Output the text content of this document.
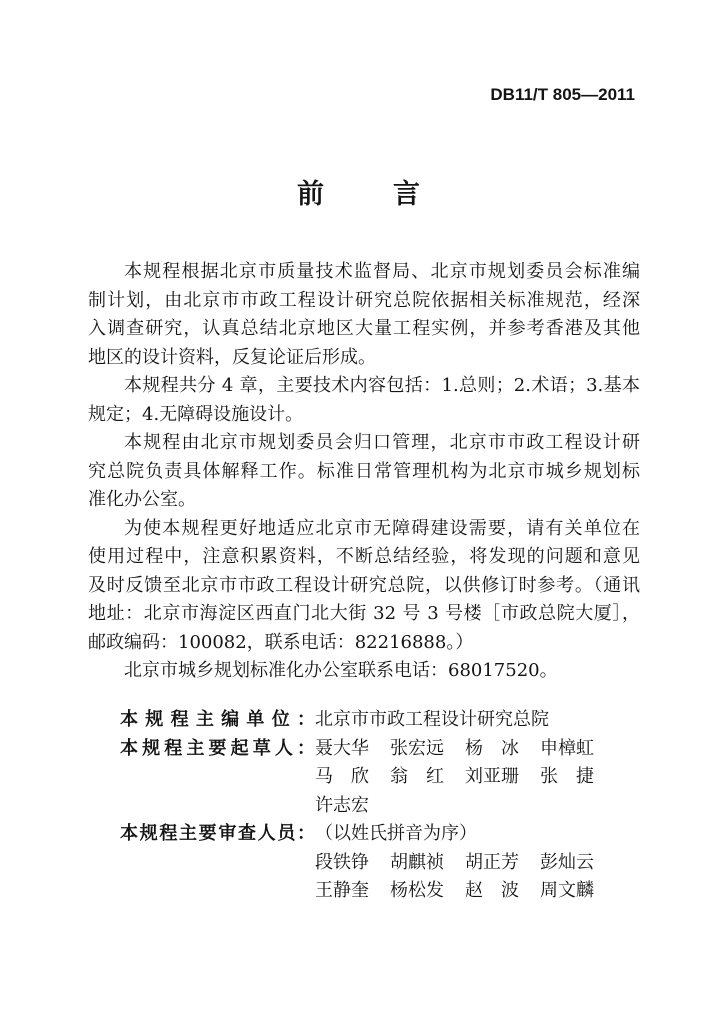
DB11/T 805—2011
前言
本规程根据北京市质量技术监督局、北京市规划委员会标准编
制计划，由北京市市政工程设计研究总院依据相关标准规范，经深
入调查研究，认真总结北京地区大量工程实例，并参考香港及其他
地区的设计资料，反复论证后形成。
本规程共分 4 章，主要技术内容包括：1.总则；2.术语；3.基本
规定；4.无障碍设施设计。
本规程由北京市规划委员会归口管理，北京市市政工程设计研
究总院负责具体解释工作。标准日常管理机构为北京市城乡规划标
准化办公室。
为使本规程更好地适应北京市无障碍建设需要，请有关单位在
使用过程中，注意积累资料，不断总结经验，将发现的问题和意见
及时反馈至北京市市政工程设计研究总院，以供修订时参考。（通讯
地址：北京市海淀区西直门北大街 32 号 3 号楼［市政总院大厦］，
邮政编码：100082，联系电话：82216888。）
北京市城乡规划标准化办公室联系电话：68017520。
本规程主编单位： 北京市市政工程设计研究总院
本规程主要起草人： 聂大华	张宏远	杨　冰	申樟虹
马　欣	翁　红	刘亚珊	张　捷
许志宏
本规程主要审查人员： （以姓氏拼音为序）
段铁铮	胡麒祯	胡正芳	彭灿云
王静奎	杨松发	赵　波	周文麟
